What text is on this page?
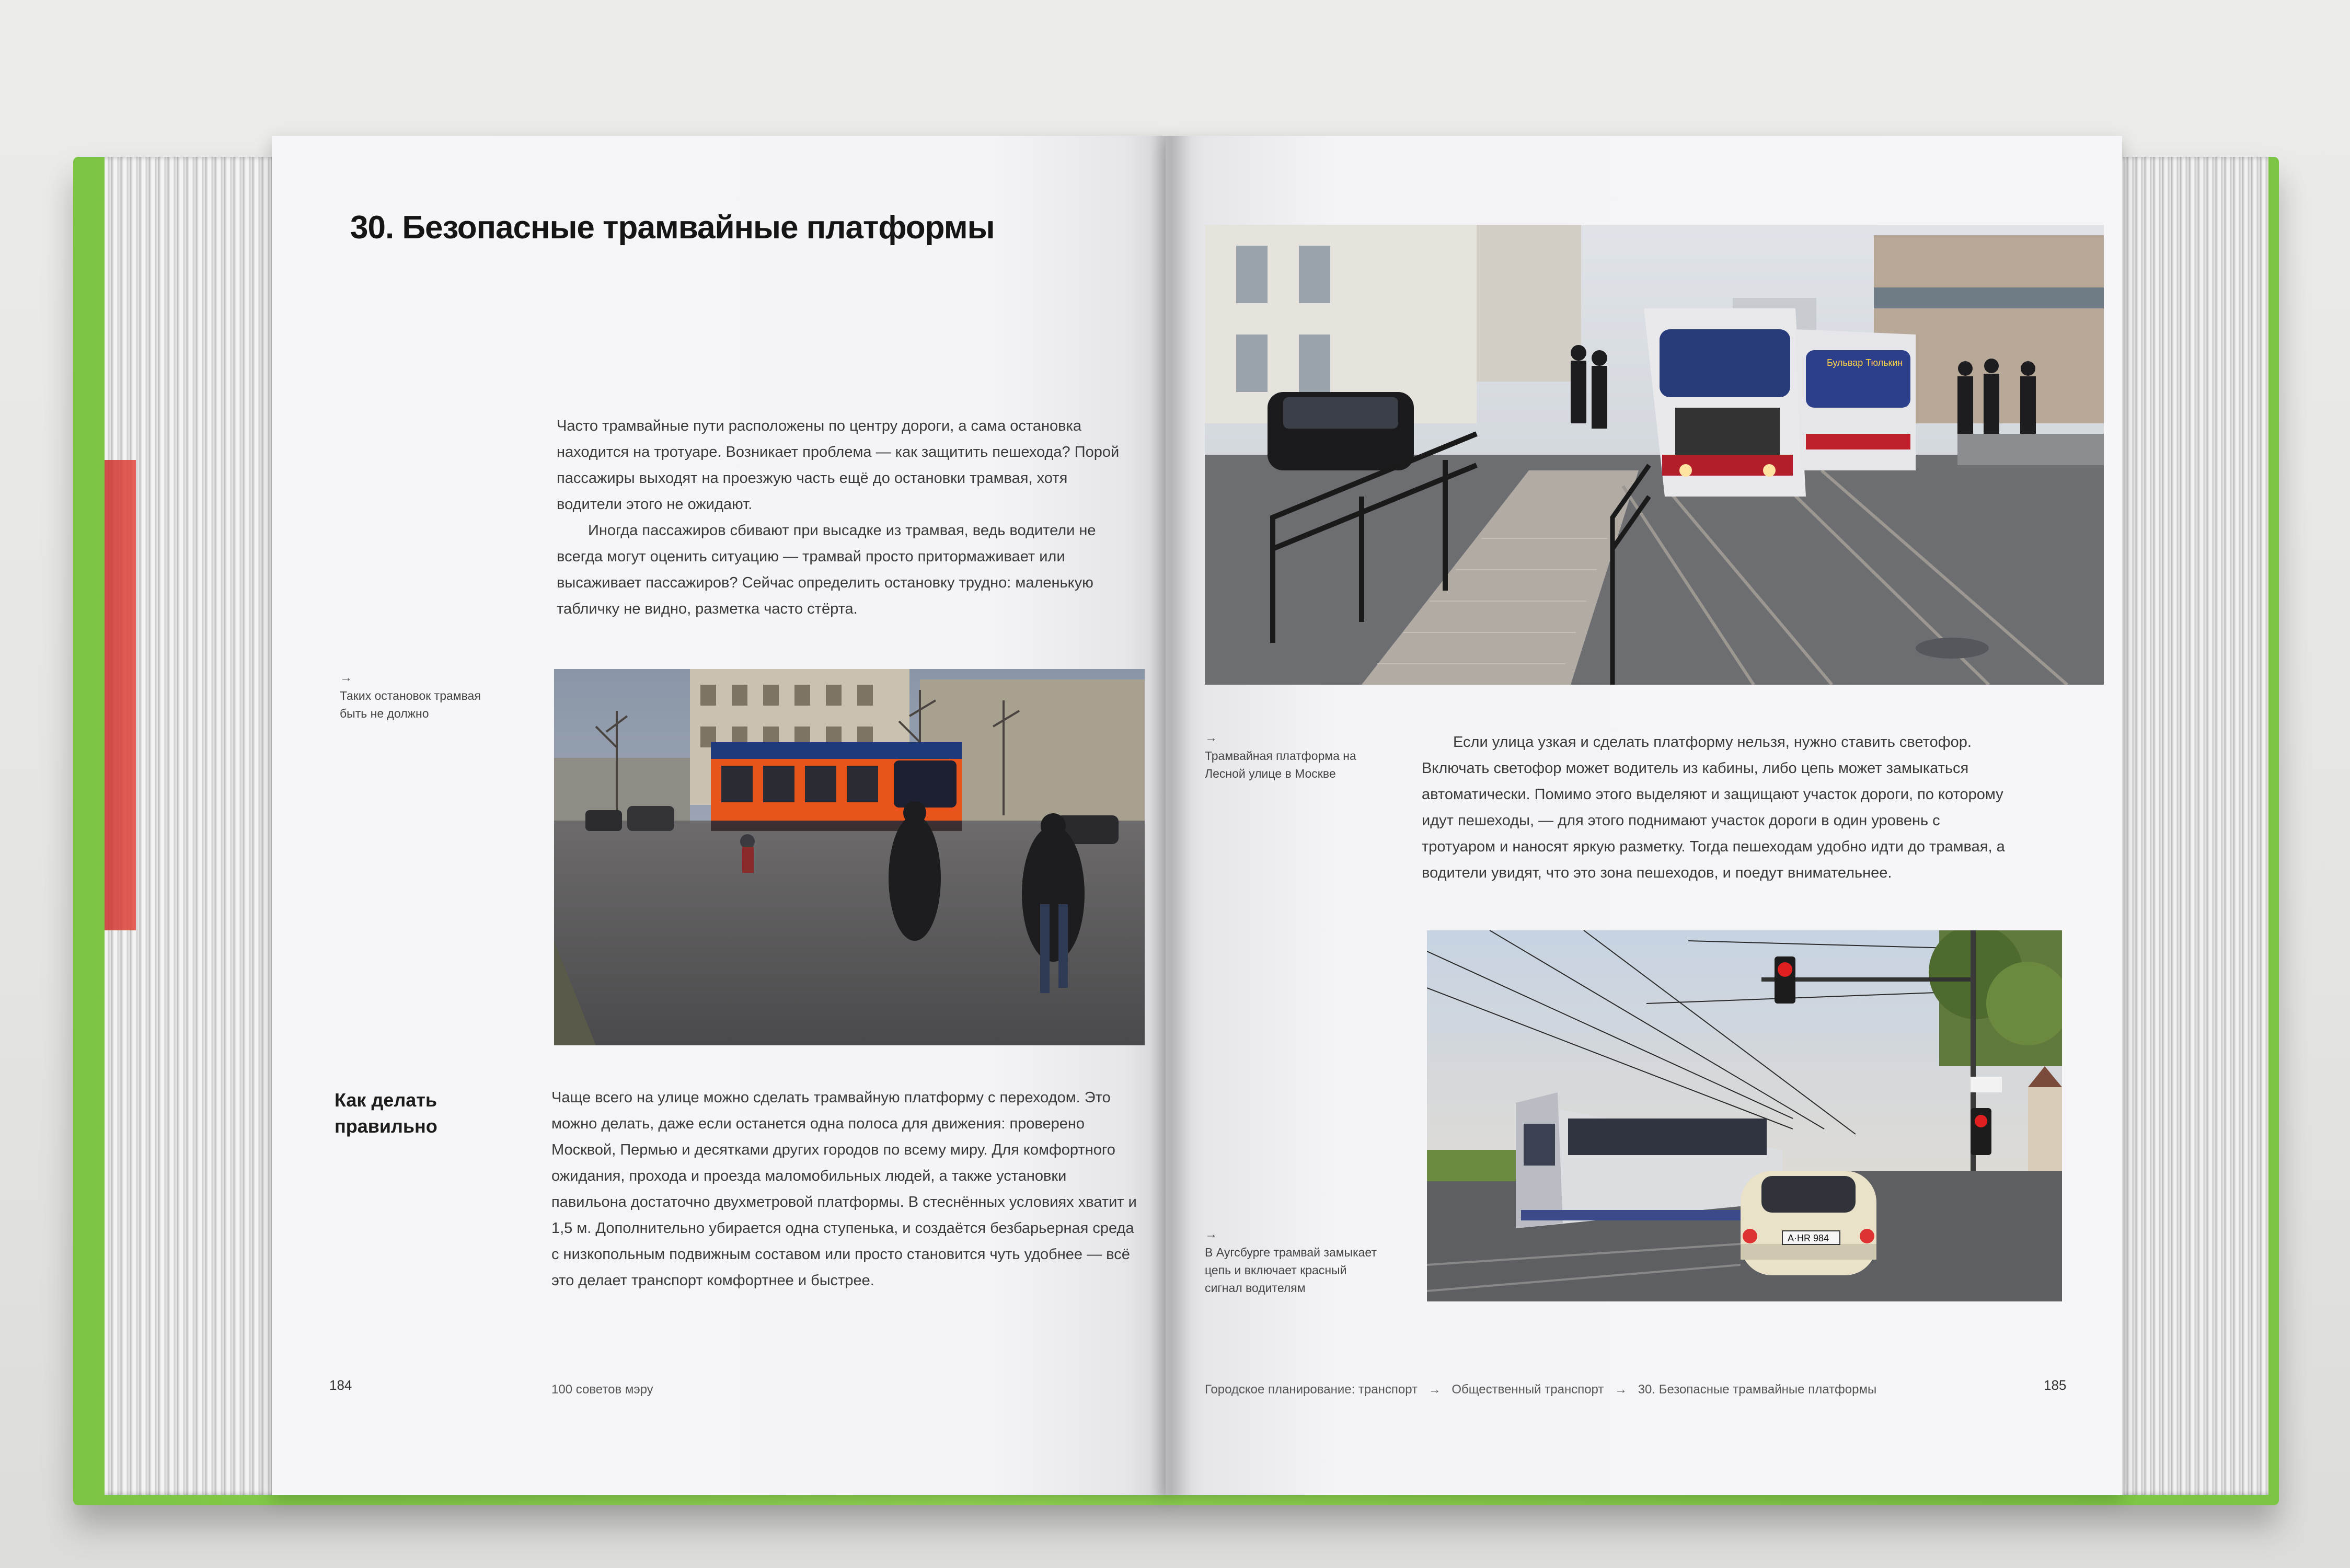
30. Безопасные трамвайные платформы

Часто трамвайные пути расположены по центру дороги, а сама остановка находится на тротуаре. Возникает проблема — как защитить пешехода? Порой пассажиры выходят на проезжую часть ещё до остановки трамвая, хотя водители этого не ожидают.

Иногда пассажиров сбивают при высадке из трамвая, ведь водители не всегда могут оценить ситуацию — трамвай просто притормаживает или высаживает пассажиров? Сейчас определить остановку трудно: маленькую табличку не видно, разметка часто стёрта.

→
Таких остановок трамвая быть не должно
Как делать правильно

Чаще всего на улице можно сделать трамвайную платформу с переходом. Это можно делать, даже если останется одна полоса для движения: проверено Москвой, Пермью и десятками других городов по всему миру. Для комфортного ожидания, прохода и проезда маломобильных людей, а также установки павильона достаточно двухметровой платформы. В стеснённых условиях хватит и 1,5 м. Дополнительно убирается одна ступенька, и создаётся безбарьерная среда с низкопольным подвижным составом или просто становится чуть удобнее — всё это делает транспорт комфортнее и быстрее.

184	100 советов мэру
Бульвар Тюлькин
→
Трамвайная платформа на Лесной улице в Москве

Если улица узкая и сделать платформу нельзя, нужно ставить светофор. Включать светофор может водитель из кабины, либо цепь может замыкаться автоматически. Помимо этого выделяют и защищают участок дороги, по которому идут пешеходы, — для этого поднимают участок дороги в один уровень с тротуаром и наносят яркую разметку. Тогда пешеходам удобно идти до трамвая, а водители увидят, что это зона пешеходов, и поедут внимательнее.

A·HR 984
→
В Аугсбурге трамвай замыкает цепь и включает красный сигнал водителям
Городское планирование: транспорт → Общественный транспорт → 30. Безопасные трамвайные платформы	185
